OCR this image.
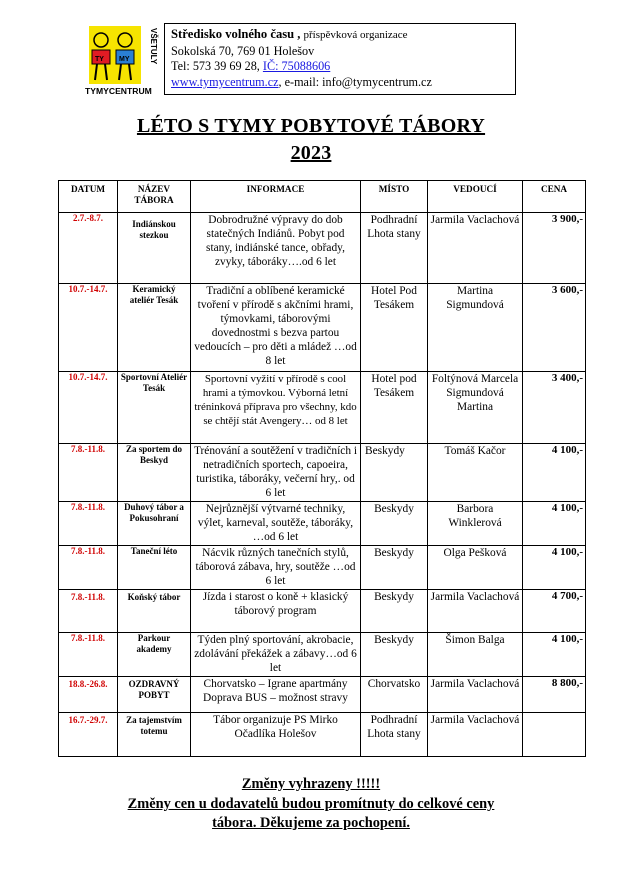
TY MY VŠETULY
TYMYCENTRUM
Středisko volného času , příspěvková organizace
Sokolská 70, 769 01 Holešov
Tel: 573 39 69 28, IČ: 75088606
www.tymycentrum.cz, e-mail: info@tymycentrum.cz
LÉTO S TYMY POBYTOVÉ TÁBORY
2023
DATUM	NÁZEV TÁBORA	INFORMACE	MÍSTO	VEDOUCÍ	CENA
2.7.-8.7.	Indiánskou stezkou	Dobrodružné výpravy do dob statečných Indiánů. Pobyt pod stany, indiánské tance, obřady, zvyky, táboráky….od 6 let	Podhradní Lhota stany	Jarmila Vaclachová	3 900,-
10.7.-14.7.	Keramický ateliér Tesák	Tradiční a oblíbené keramické tvoření v přírodě s akčními hrami, týmovkami, táborovými dovednostmi s bezva partou vedoucích – pro děti a mládež …od 8 let	Hotel Pod Tesákem	Martina Sigmundová	3 600,-
10.7.-14.7.	Sportovní Ateliér Tesák	Sportovní vyžití v přírodě s cool hrami a týmovkou. Výborná letní tréninková příprava pro všechny, kdo se chtějí stát Avengery… od 8 let	Hotel pod Tesákem	Foltýnová Marcela Sigmundová Martina	3 400,-
7.8.-11.8.	Za sportem do Beskyd	Trénování a soutěžení v tradičních i netradičních sportech, capoeira, turistika, táboráky, večerní hry,. od 6 let	Beskydy	Tomáš Kačor	4 100,-
7.8.-11.8.	Duhový tábor a Pokusohraní	Nejrůznější výtvarné techniky, výlet, karneval, soutěže, táboráky, …od 6 let	Beskydy	Barbora Winklerová	4 100,-
7.8.-11.8.	Taneční léto	Nácvik různých tanečních stylů, táborová zábava, hry, soutěže …od 6 let	Beskydy	Olga Pešková	4 100,-
7.8.-11.8.	Koňský tábor	Jízda i starost o koně + klasický táborový program	Beskydy	Jarmila Vaclachová	4 700,-
7.8.-11.8.	Parkour akademy	Týden plný sportování, akrobacie, zdolávání překážek a zábavy…od 6 let	Beskydy	Šimon Balga	4 100,-
18.8.-26.8.	OZDRAVNÝ POBYT	Chorvatsko – Igrane apartmány Doprava BUS – možnost stravy	Chorvatsko	Jarmila Vaclachová	8 800,-
16.7.-29.7.	Za tajemstvím totemu	Tábor organizuje PS Mirko Očadlíka Holešov	Podhradní Lhota stany	Jarmila Vaclachová	
Změny vyhrazeny !!!!!
Změny cen u dodavatelů budou promítnuty do celkové ceny
tábora. Děkujeme za pochopení.
